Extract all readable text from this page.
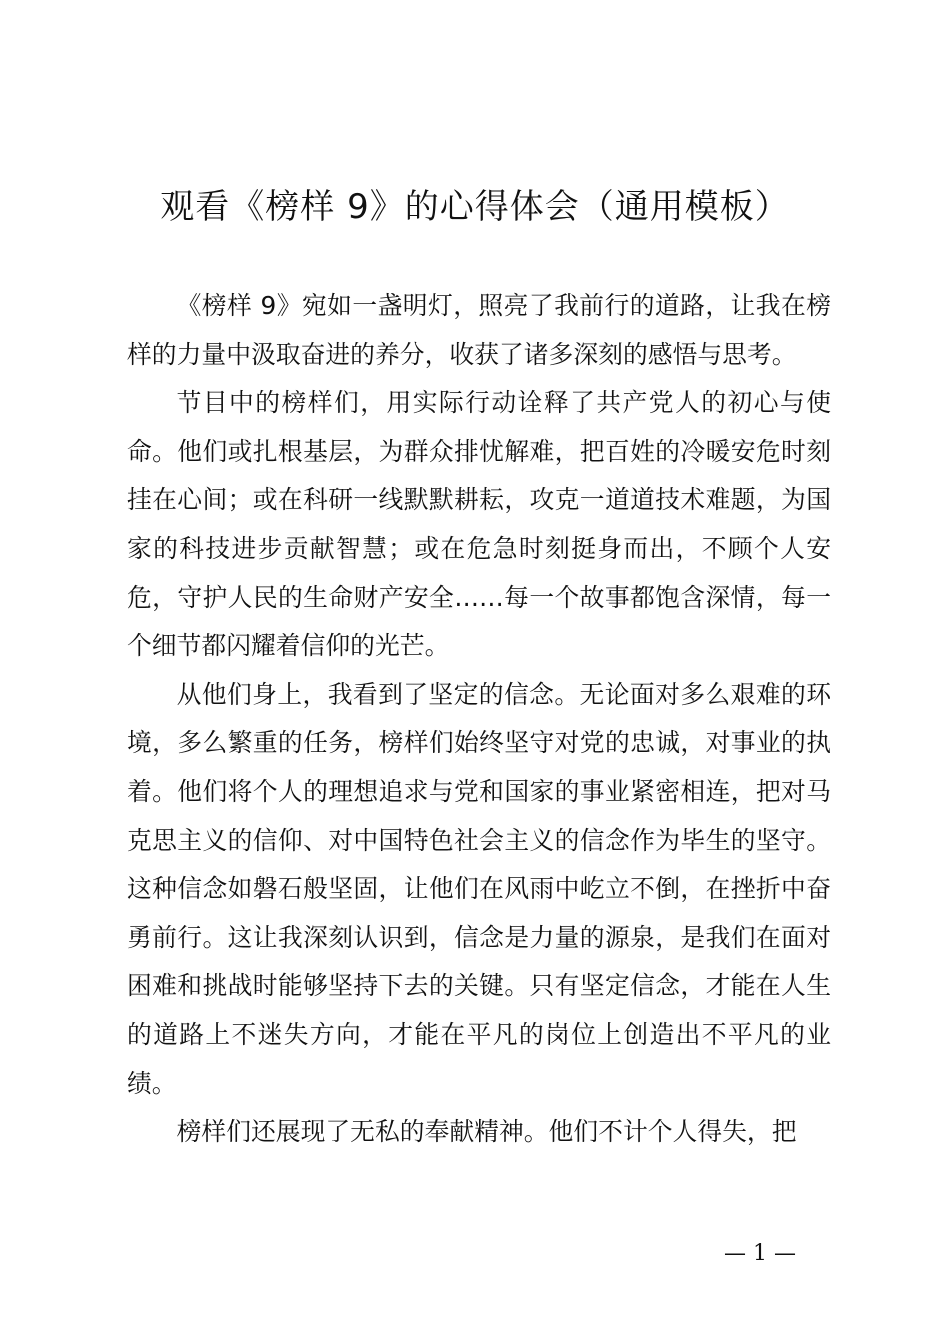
观看《榜样 9》的心得体会（通用模板）

《榜样 9》宛如一盏明灯，照亮了我前行的道路，让我在榜样的力量中汲取奋进的养分，收获了诸多深刻的感悟与思考。

节目中的榜样们，用实际行动诠释了共产党人的初心与使命。他们或扎根基层，为群众排忧解难，把百姓的冷暖安危时刻挂在心间；或在科研一线默默耕耘，攻克一道道技术难题，为国家的科技进步贡献智慧；或在危急时刻挺身而出，不顾个人安危，守护人民的生命财产安全……每一个故事都饱含深情，每一个细节都闪耀着信仰的光芒。

从他们身上，我看到了坚定的信念。无论面对多么艰难的环境，多么繁重的任务，榜样们始终坚守对党的忠诚，对事业的执着。他们将个人的理想追求与党和国家的事业紧密相连，把对马克思主义的信仰、对中国特色社会主义的信念作为毕生的坚守。这种信念如磐石般坚固，让他们在风雨中屹立不倒，在挫折中奋勇前行。这让我深刻认识到，信念是力量的源泉，是我们在面对困难和挑战时能够坚持下去的关键。只有坚定信念，才能在人生的道路上不迷失方向，才能在平凡的岗位上创造出不平凡的业绩。

榜样们还展现了无私的奉献精神。他们不计个人得失，把

— 1 —
